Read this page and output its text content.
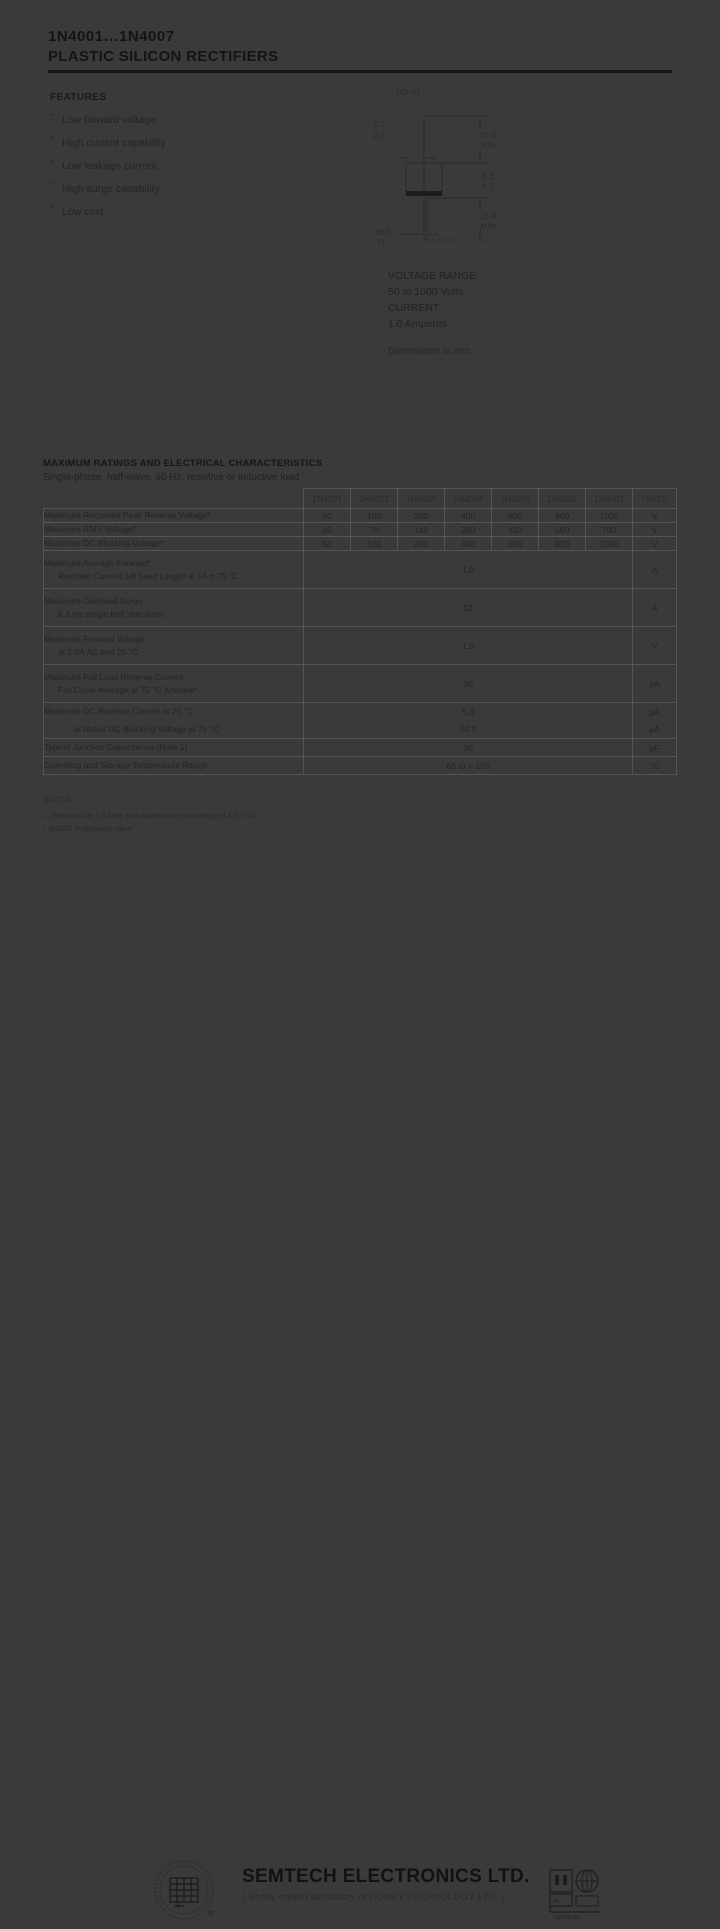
1N4001…1N4007
PLASTIC SILICON RECTIFIERS
FEATURES
* Low forward voltage
* High current capability
* Low leakage current
* High surge capability
* Low cost
DO-41
2.7
2.0	25.4
MIN
5.2
4.1
25.4
MIN
.863
.71
VOLTAGE RANGE
50 to 1000 Volts
CURRENT
1.0 Amperes
Dimensions in mm
MAXIMUM RATINGS AND ELECTRICAL CHARACTERISTICS
Single-phase, half-wave, 60 Hz, resistive or inductive load
	1N4001	1N4002	1N4003	1N4004	1N4005	1N4006	1N4007	UNITS
Maximum Recurrent Peak Reverse Voltage*	50	100	200	400	600	800	1000	V
Maximum RMS Voltage*	35	70	140	280	420	560	700	V
Maximum DC Blocking Voltage*	50	100	200	400	600	800	1000	V
Maximum Average Forward*
Rectified Current 3/8 Lead Length at TA = 75 °C	1.0							A
Maximum Overload Surge
8.3 ms single half sine-wave	50							A
Maximum Forward Voltage
at 1.0A AC and 25 °C	1.0							V
Maximum Full Load Reverse Current,
Full Cycle Average at 75 °C Ambient*	30							µA
Maximum DC Reverse Current at 25 °C	5.0							µA
at Rated DC Blocking Voltage at 75 °C	50.0							µA
Typical Junction Capacitance (Note 1)	30							pF
Operating and Storage Temperature Range	65 to + 175							°C
NOTES:
1. Measured at 1.0 MHz and applied reverse voltage of 4.0 V DC.
* JEDEC Registered Value
®
SEMTECH ELECTRONICS LTD.
( wholly owned subsidiary of HONEY TECHNOLOGY LTD. )	AL
CERTIFIED
